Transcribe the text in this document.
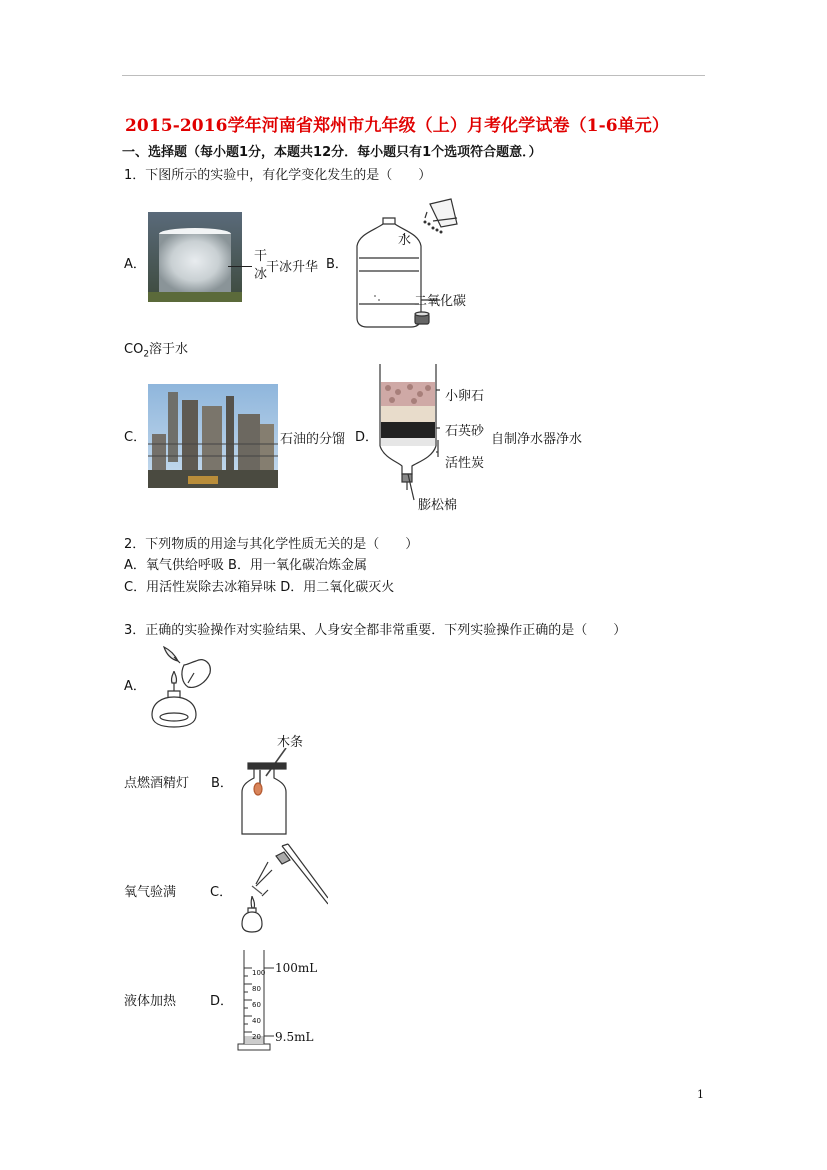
2015-2016学年河南省郑州市九年级（上）月考化学试卷（1-6单元）
一、选择题（每小题1分，本题共12分．每小题只有1个选项符合题意．）
1．下图所示的实验中，有化学变化发生的是（　　）
A．
干
冰
干冰升华 B．
水
二氧化碳
$CO_2$溶于水
C．	石油的分馏 D．
小卵石
石英砂
自制净水器净水
活性炭
膨松棉
2．下列物质的用途与其化学性质无关的是（　　）
A．氧气供给呼吸 B．用一氧化碳冶炼金属
C．用活性炭除去冰箱异味 D．用二氧化碳灭火
3．正确的实验操作对实验结果、人身安全都非常重要．下列实验操作正确的是（　　）
A．
木条
点燃酒精灯 B．
氧气验满	C．
液体加热	D．
100
80
60
40
20
100mL
9.5mL
1
